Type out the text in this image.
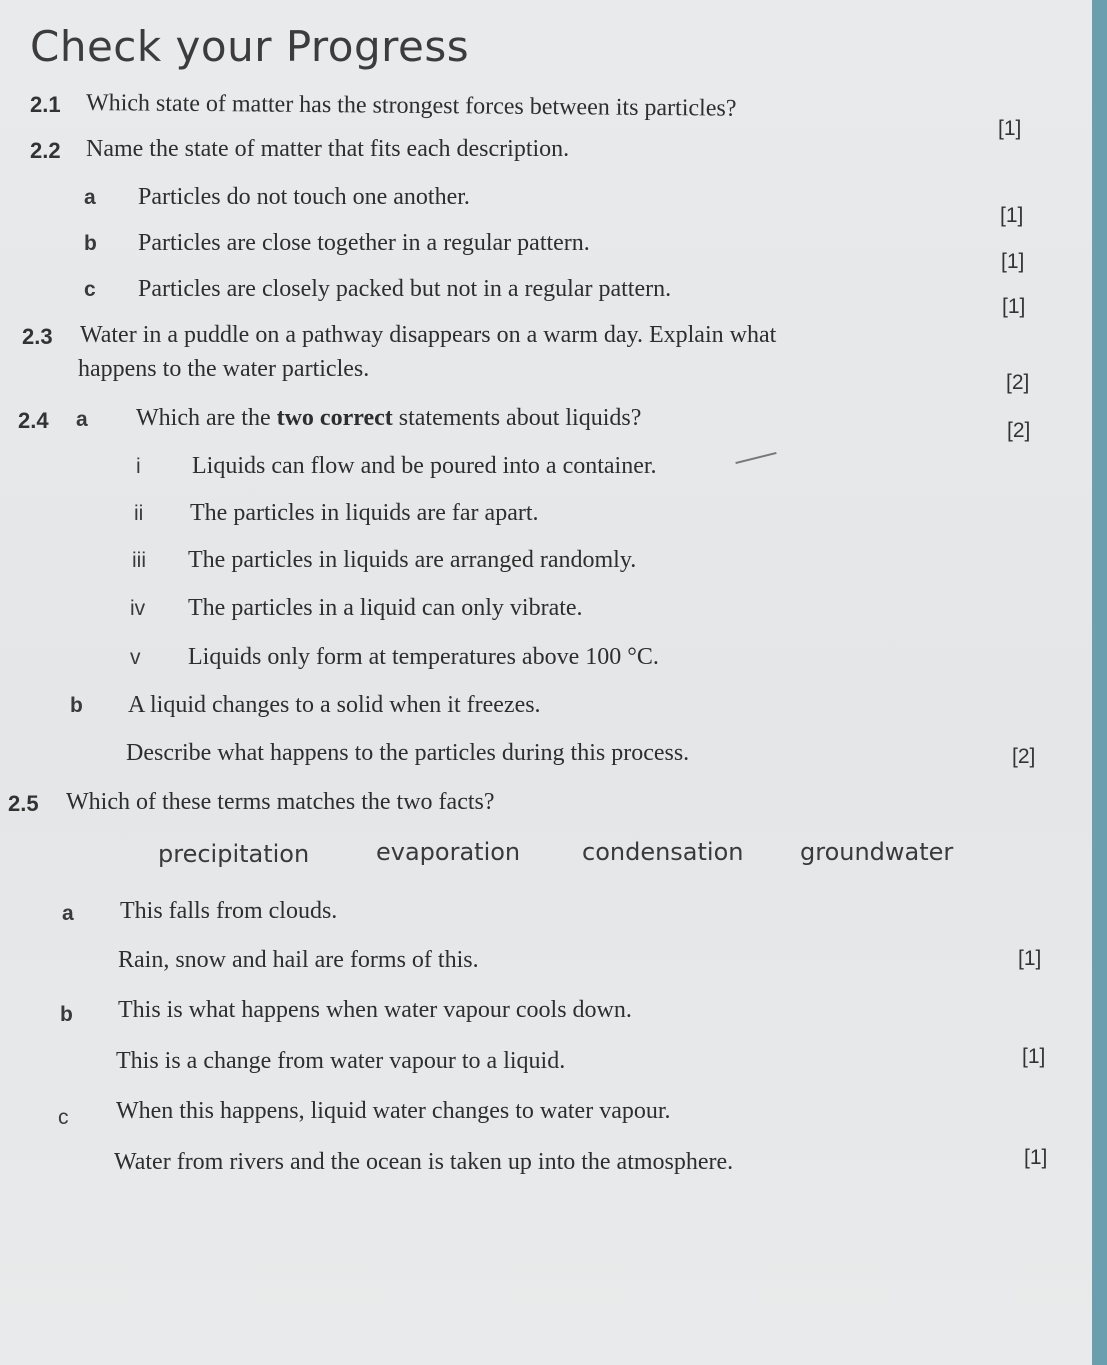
Check your Progress
2.1 Which state of matter has the strongest forces between its particles?
[1]
2.2 Name the state of matter that fits each description.
a Particles do not touch one another.
[1]
b Particles are close together in a regular pattern.
[1]
c Particles are closely packed but not in a regular pattern.
[1]
2.3 Water in a puddle on a pathway disappears on a warm day. Explain what
happens to the water particles.
[2]
2.4 a Which are the two correct statements about liquids?	[2]
i Liquids can flow and be poured into a container.
ii The particles in liquids are far apart.
iii The particles in liquids are arranged randomly.
iv The particles in a liquid can only vibrate.
v Liquids only form at temperatures above 100 °C.
b A liquid changes to a solid when it freezes.
Describe what happens to the particles during this process.	[2]
2.5 Which of these terms matches the two facts?
precipitation	evaporation	condensation groundwater
a This falls from clouds.
Rain, snow and hail are forms of this.	[1]
b This is what happens when water vapour cools down.
This is a change from water vapour to a liquid.	[1]
c When this happens, liquid water changes to water vapour.
Water from rivers and the ocean is taken up into the atmosphere.	[1]
